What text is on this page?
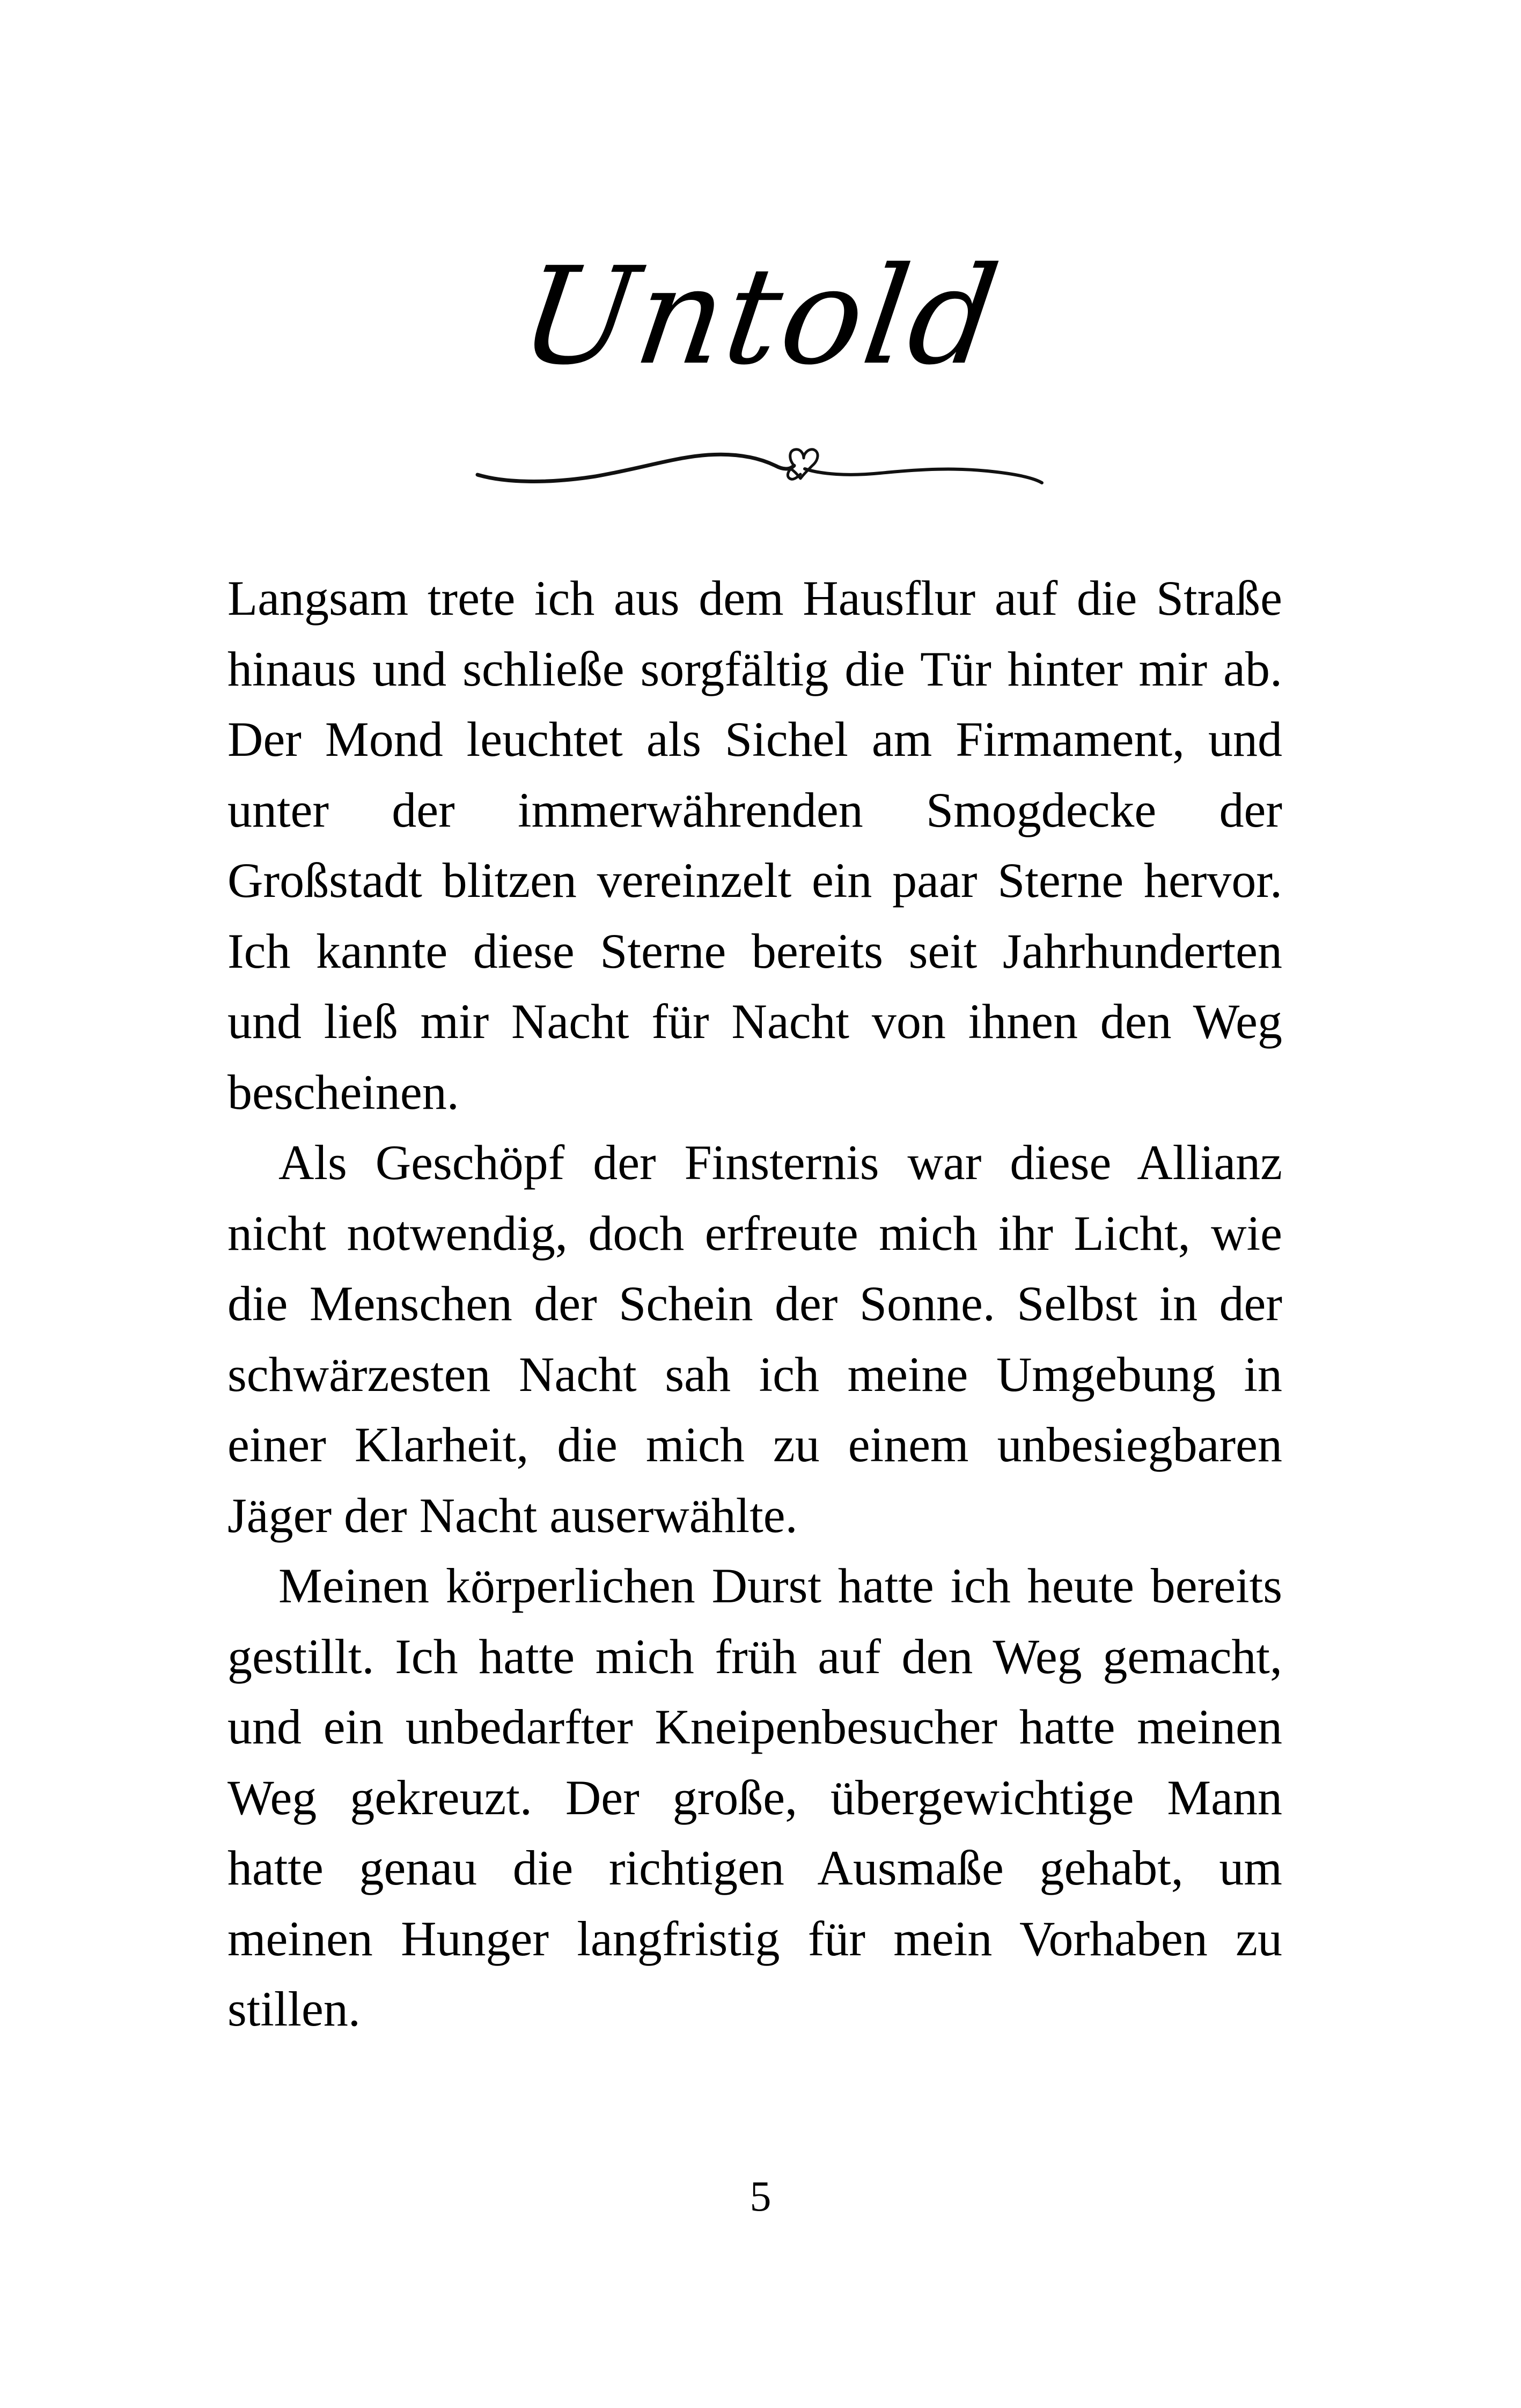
Untold

Langsam trete ich aus dem Hausflur auf die Straße hinaus und schließe sorgfältig die Tür hinter mir ab. Der Mond leuchtet als Sichel am Firmament, und unter der immerwährenden Smogdecke der Großstadt blitzen vereinzelt ein paar Sterne hervor. Ich kannte diese Sterne bereits seit Jahrhunderten und ließ mir Nacht für Nacht von ihnen den Weg bescheinen.

Als Geschöpf der Finsternis war diese Allianz nicht notwendig, doch erfreute mich ihr Licht, wie die Menschen der Schein der Sonne. Selbst in der schwärzesten Nacht sah ich meine Umgebung in einer Klarheit, die mich zu einem unbesiegbaren Jäger der Nacht auserwählte.

Meinen körperlichen Durst hatte ich heute bereits gestillt. Ich hatte mich früh auf den Weg gemacht, und ein unbedarfter Kneipenbesucher hatte meinen Weg gekreuzt. Der große, übergewichtige Mann hatte genau die richtigen Ausmaße gehabt, um meinen Hunger langfristig für mein Vorhaben zu stillen.

5
